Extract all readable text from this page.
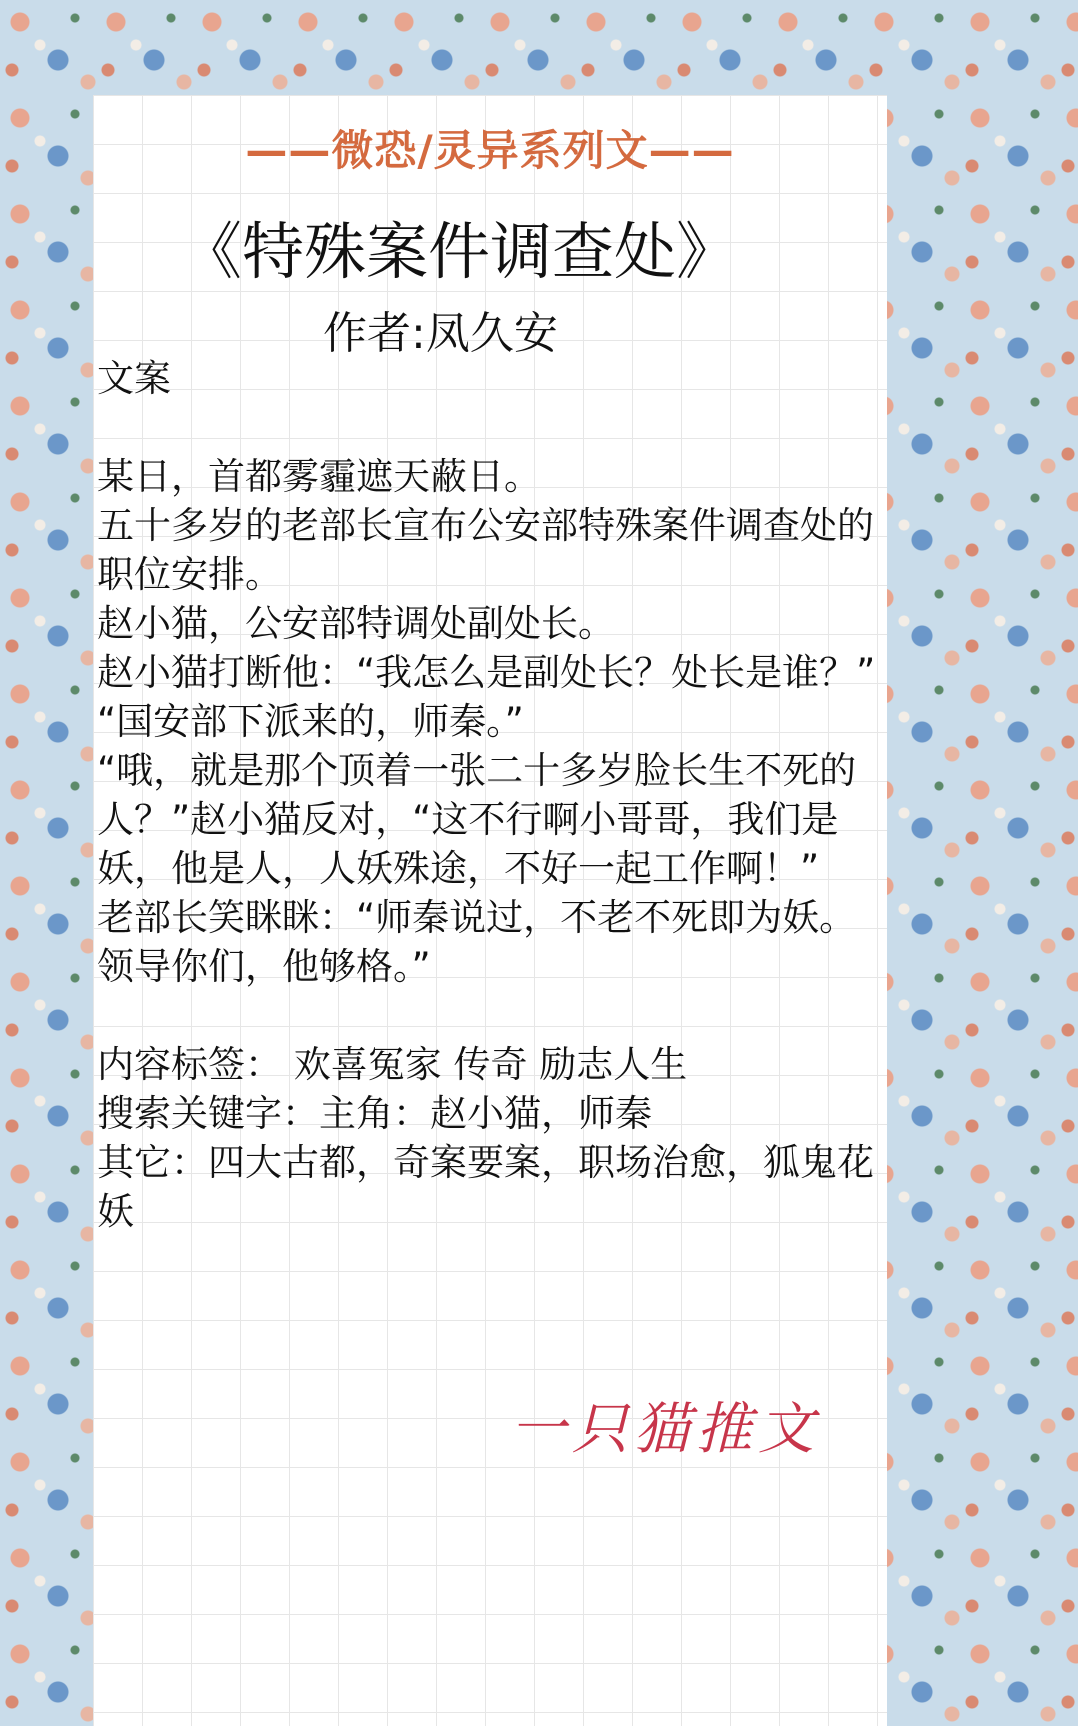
——微恐/灵异系列文——
《特殊案件调查处》
作者:凤久安

文案

某日，首都雾霾遮天蔽日。

五十多岁的老部长宣布公安部特殊案件调查处的职位安排。

赵小猫，公安部特调处副处长。

赵小猫打断他：“我怎么是副处长？处长是谁？”

“国安部下派来的，师秦。”

“哦，就是那个顶着一张二十多岁脸长生不死的人？”赵小猫反对，“这不行啊小哥哥，我们是妖，他是人，人妖殊途，不好一起工作啊！”

老部长笑眯眯：“师秦说过，不老不死即为妖。领导你们，他够格。”

内容标签： 欢喜冤家 传奇 励志人生

搜索关键字：主角：赵小猫，师秦

其它：四大古都，奇案要案，职场治愈，狐鬼花妖

一只猫推文
